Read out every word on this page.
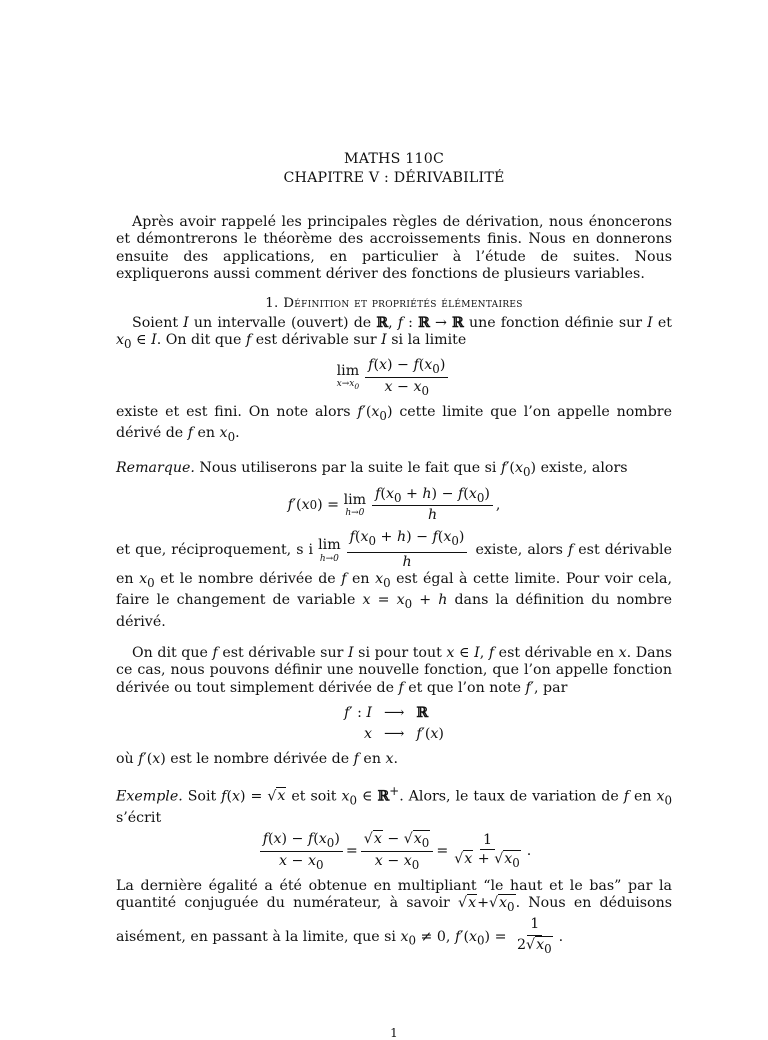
MATHS 110C
CHAPITRE V : DÉRIVABILITÉ

Après avoir rappelé les principales règles de dérivation, nous énoncerons et démontrerons le théorème des accroissements finis. Nous en donnerons ensuite des applications, en particulier à l’étude de suites. Nous expliquerons aussi comment dériver des fonctions de plusieurs variables.

1. Définition et propriétés élémentaires

Soient I un intervalle (ouvert) de ℝ, f : ℝ → ℝ une fonction définie sur I et $x_0$ ∈ I. On dit que f est dérivable sur I si la limite

lim
$x\to x_0 \frac{f(x) - f(x_0)}{x - x_0}$

existe et est fini. On note alors $f'(x_0)$ cette limite que l’on appelle nombre dérivé de f en $x_0$.

Remarque. Nous utiliserons par la suite le fait que si $f'(x_0)$ existe, alors

f ′( x 0 ) = lim
$h\to 0 \frac{f(x_0 + h) - f(x_0)}{h}$ ,

et que, réciproquement, s i lim
$h\to 0 \frac{f(x_0 + h) - f(x_0)}{h}$ existe, alors f est dérivable en $x_0$ et le nombre dérivée de f en $x_0$ est égal à cette limite. Pour voir cela, faire le changement de variable $x = x_0 + h$ dans la définition du nombre dérivé.

On dit que f est dérivable sur I si pour tout x ∈ I, f est dérivable en x. Dans ce cas, nous pouvons définir une nouvelle fonction, que l’on appelle fonction dérivée ou tout simplement dérivée de f et que l’on note f′, par

f′ : I	⟶	ℝ
x	⟶	f′(x)

où f′(x) est le nombre dérivée de f en x.

Exemple. Soit f(x) = √x et soit $x_0$ ∈ ℝ+. Alors, le taux de variation de f en $x_0$ s’écrit

$\frac{f(x) - f(x_0)}{x - x_0} = \frac{√x - √x_0}{x - x_0} = \frac{1}{√x + √x_0}$ .

La dernière égalité a été obtenue en multipliant “le haut et le bas” par la quantité conjuguée du numérateur, à savoir $√x+√x_0$. Nous en déduisons aisément, en passant à la limite, que si $x_0 \ne 0$, $f'(x_0) = \frac{1}{2√x_0}$ .

1
